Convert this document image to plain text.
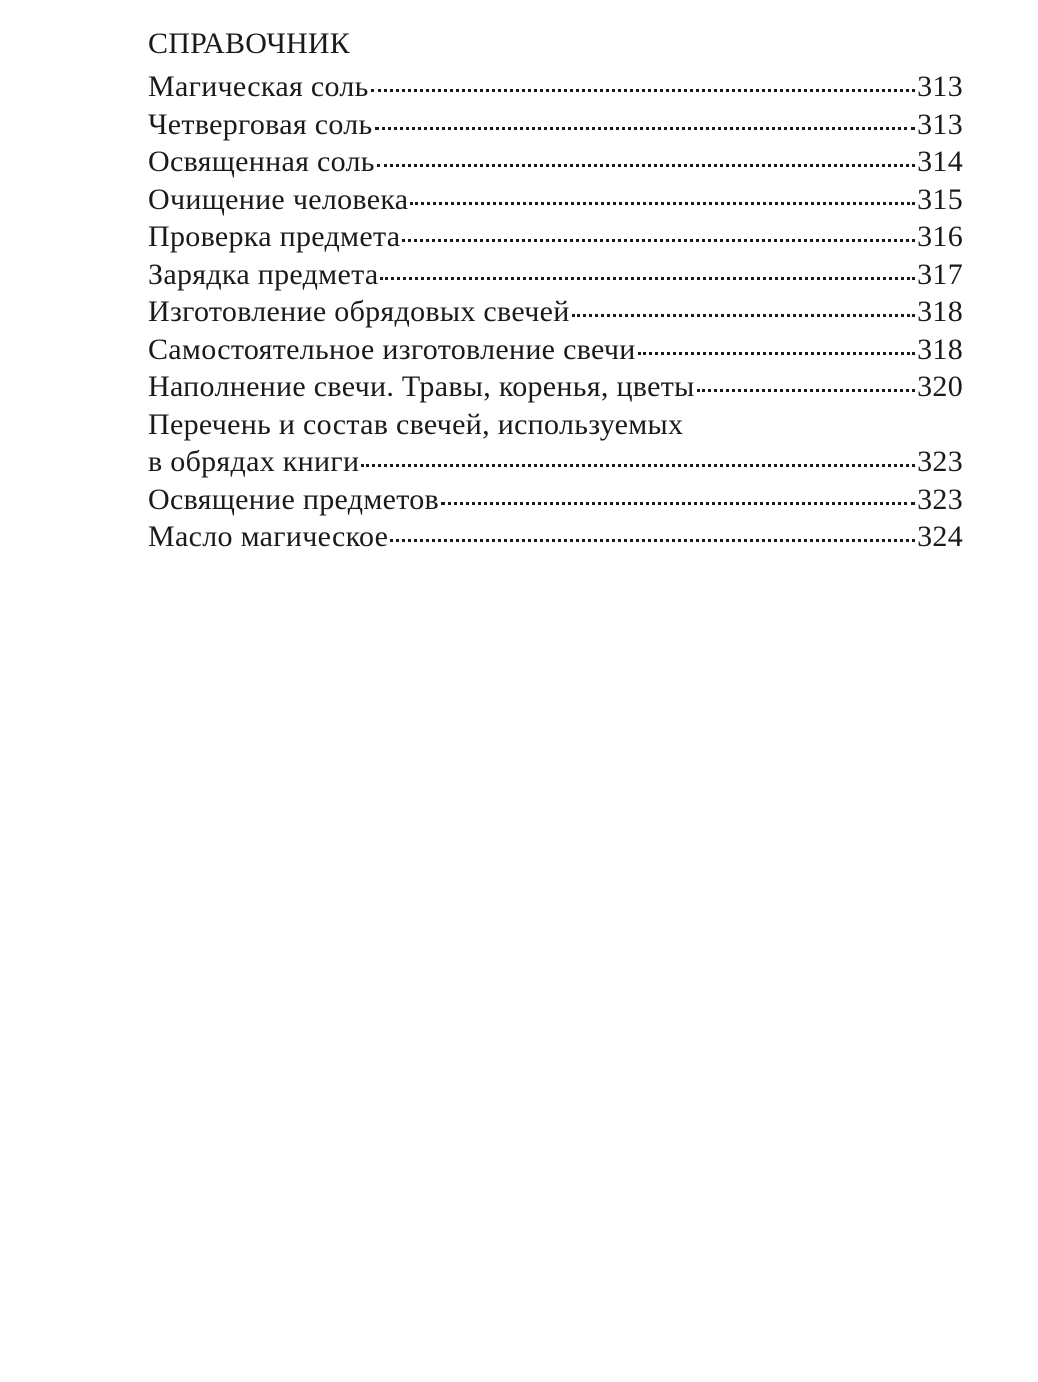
СПРАВОЧНИК
Магическая соль	313
Четверговая соль	313
Освященная соль	314
Очищение человека	315
Проверка предмета	316
Зарядка предмета	317
Изготовление обрядовых свечей	318
Самостоятельное изготовление свечи	318
Наполнение свечи. Травы, коренья, цветы	320
Перечень и состав свечей, используемых
в обрядах книги	323
Освящение предметов	323
Масло магическое	324
